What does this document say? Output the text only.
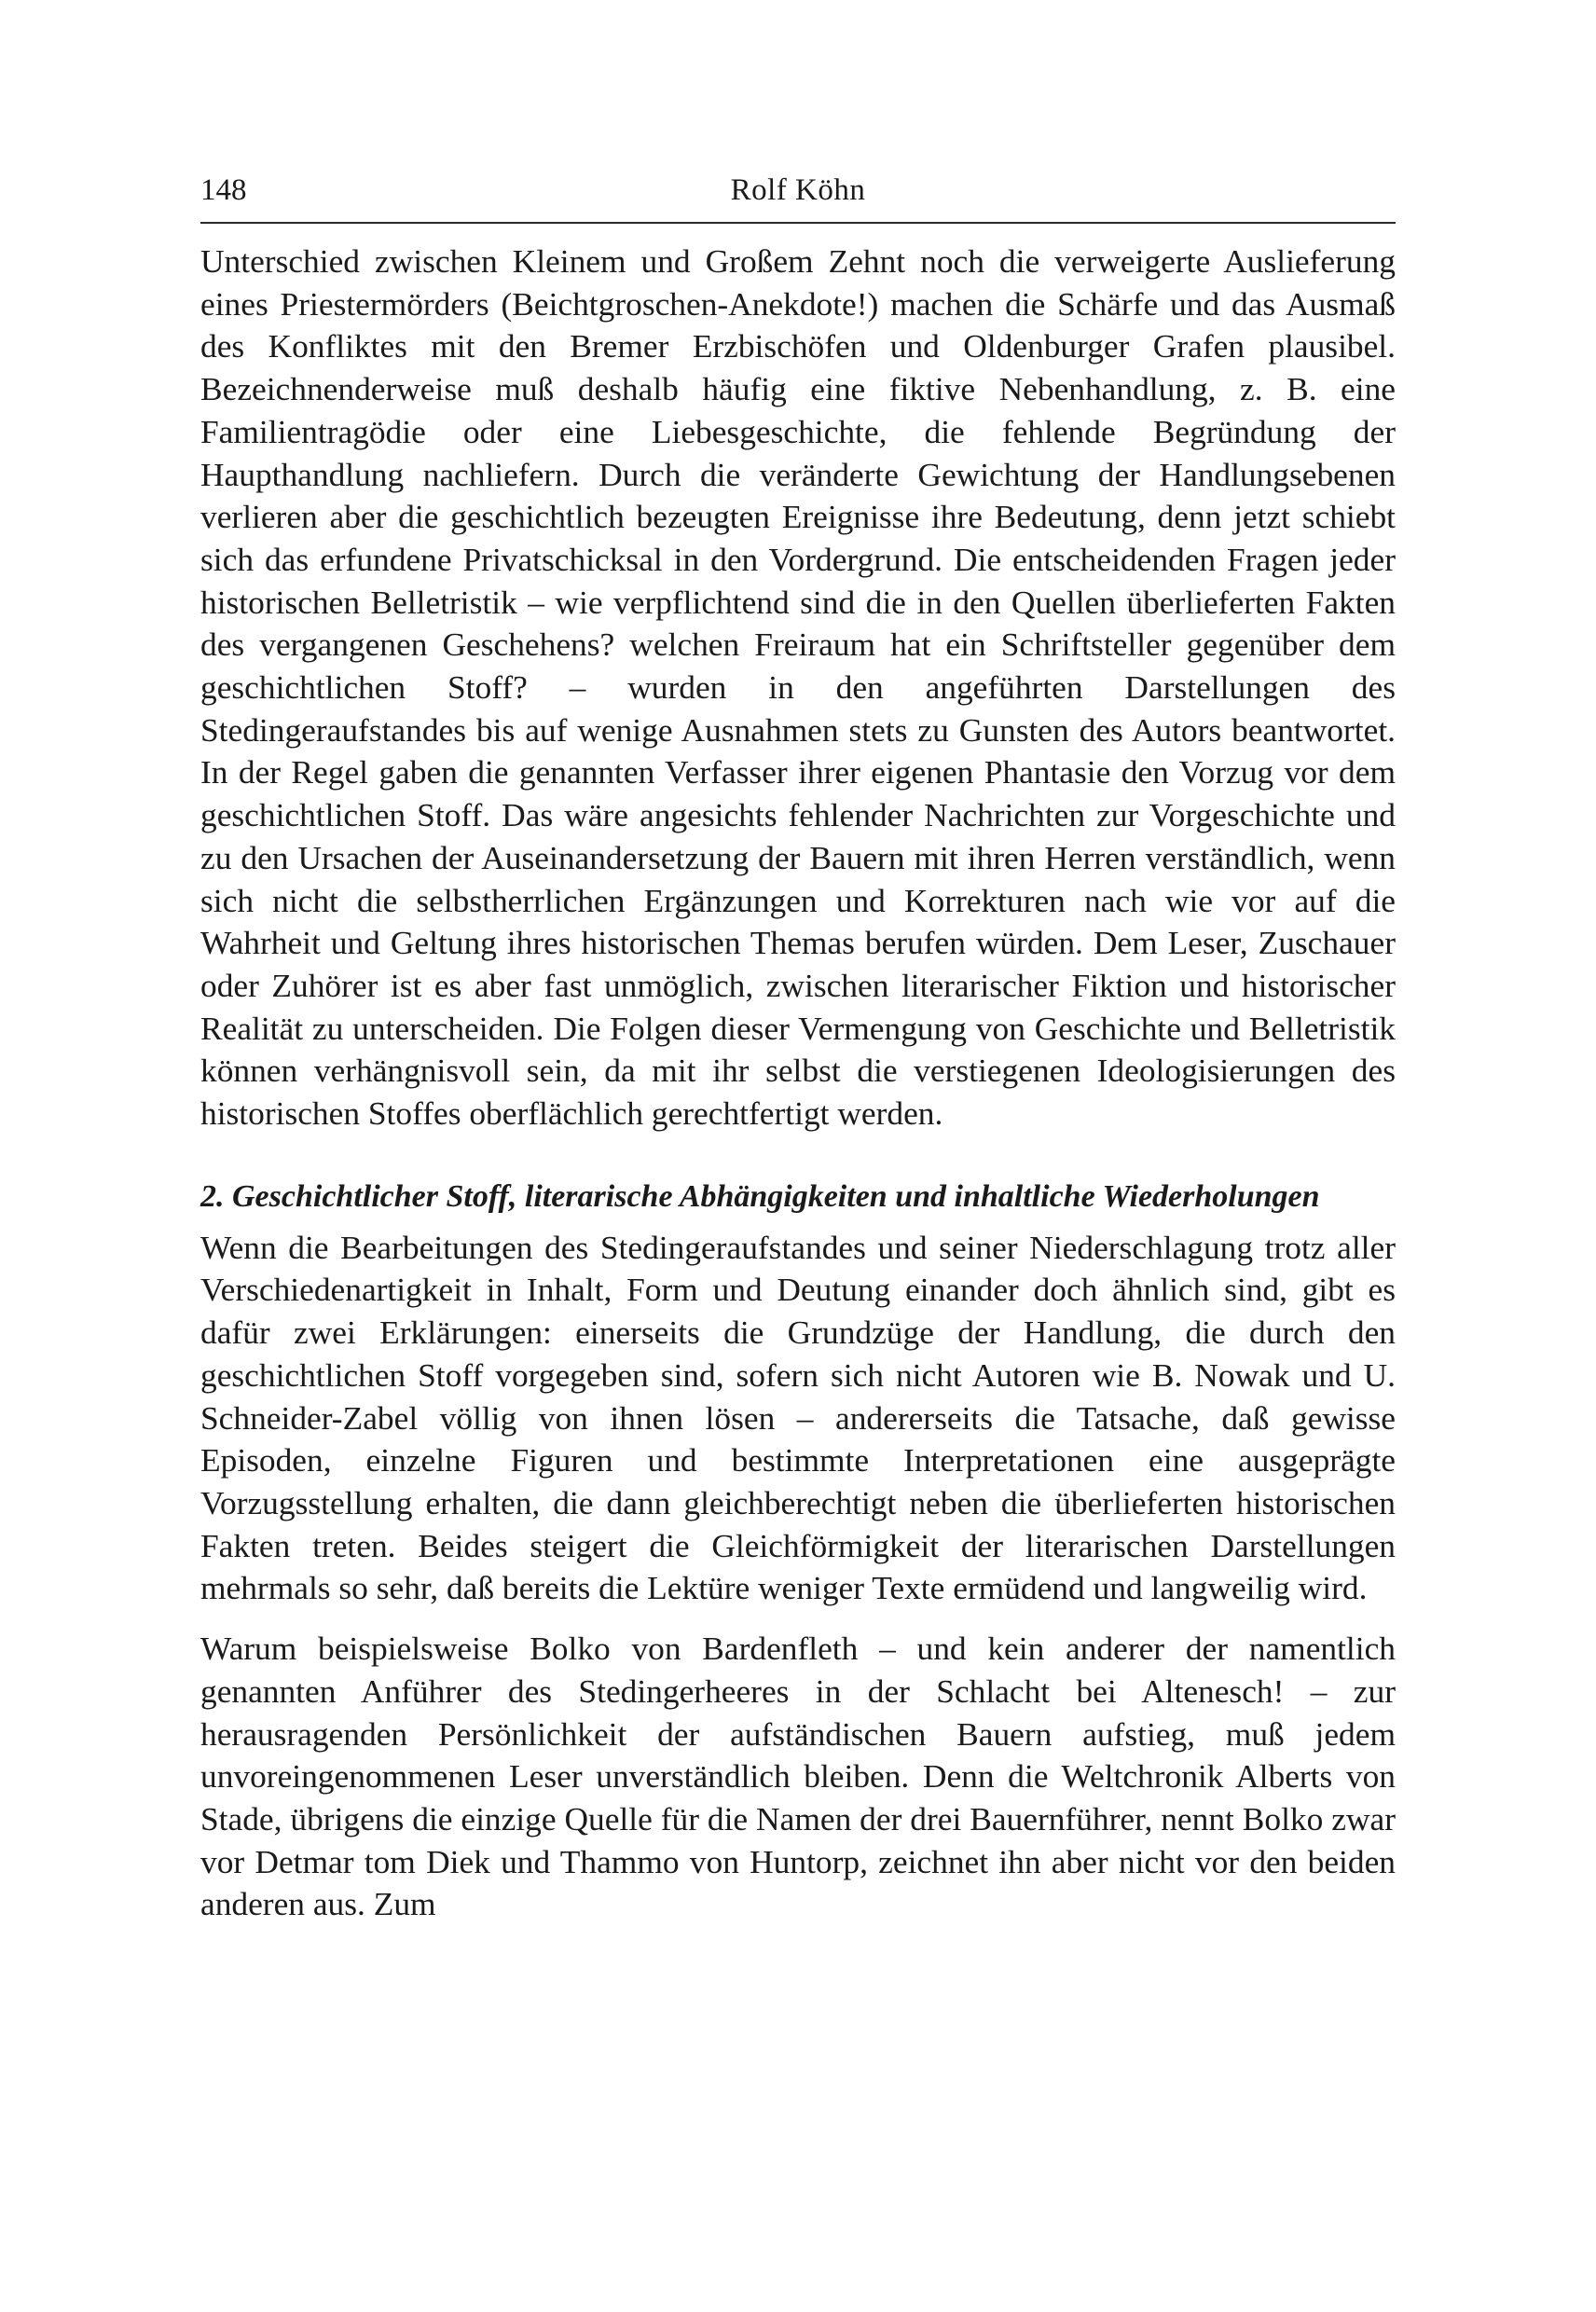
148	Rolf Köhn

Unterschied zwischen Kleinem und Großem Zehnt noch die verweigerte Auslieferung eines Priestermörders (Beichtgroschen-Anekdote!) machen die Schärfe und das Ausmaß des Konfliktes mit den Bremer Erzbischöfen und Oldenburger Grafen plausibel. Bezeichnenderweise muß deshalb häufig eine fiktive Nebenhandlung, z. B. eine Familientragödie oder eine Liebesgeschichte, die fehlende Begründung der Haupthandlung nachliefern. Durch die veränderte Gewichtung der Handlungsebenen verlieren aber die geschichtlich bezeugten Ereignisse ihre Bedeutung, denn jetzt schiebt sich das erfundene Privatschicksal in den Vordergrund. Die entscheidenden Fragen jeder historischen Belletristik – wie verpflichtend sind die in den Quellen überlieferten Fakten des vergangenen Geschehens? welchen Freiraum hat ein Schriftsteller gegenüber dem geschichtlichen Stoff? – wurden in den angeführten Darstellungen des Stedingeraufstandes bis auf wenige Ausnahmen stets zu Gunsten des Autors beantwortet. In der Regel gaben die genannten Verfasser ihrer eigenen Phantasie den Vorzug vor dem geschichtlichen Stoff. Das wäre angesichts fehlender Nachrichten zur Vorgeschichte und zu den Ursachen der Auseinandersetzung der Bauern mit ihren Herren verständlich, wenn sich nicht die selbstherrlichen Ergänzungen und Korrekturen nach wie vor auf die Wahrheit und Geltung ihres historischen Themas berufen würden. Dem Leser, Zuschauer oder Zuhörer ist es aber fast unmöglich, zwischen literarischer Fiktion und historischer Realität zu unterscheiden. Die Folgen dieser Vermengung von Geschichte und Belletristik können verhängnisvoll sein, da mit ihr selbst die verstiegenen Ideologisierungen des historischen Stoffes oberflächlich gerechtfertigt werden.

2. Geschichtlicher Stoff, literarische Abhängigkeiten und inhaltliche Wiederholungen

Wenn die Bearbeitungen des Stedingeraufstandes und seiner Niederschlagung trotz aller Verschiedenartigkeit in Inhalt, Form und Deutung einander doch ähnlich sind, gibt es dafür zwei Erklärungen: einerseits die Grundzüge der Handlung, die durch den geschichtlichen Stoff vorgegeben sind, sofern sich nicht Autoren wie B. Nowak und U. Schneider-Zabel völlig von ihnen lösen – andererseits die Tatsache, daß gewisse Episoden, einzelne Figuren und bestimmte Interpretationen eine ausgeprägte Vorzugsstellung erhalten, die dann gleichberechtigt neben die überlieferten historischen Fakten treten. Beides steigert die Gleichförmigkeit der literarischen Darstellungen mehrmals so sehr, daß bereits die Lektüre weniger Texte ermüdend und langweilig wird.

Warum beispielsweise Bolko von Bardenfleth – und kein anderer der namentlich genannten Anführer des Stedingerheeres in der Schlacht bei Altenesch! – zur herausragenden Persönlichkeit der aufständischen Bauern aufstieg, muß jedem unvoreingenommenen Leser unverständlich bleiben. Denn die Weltchronik Alberts von Stade, übrigens die einzige Quelle für die Namen der drei Bauernführer, nennt Bolko zwar vor Detmar tom Diek und Thammo von Huntorp, zeichnet ihn aber nicht vor den beiden anderen aus. Zum
